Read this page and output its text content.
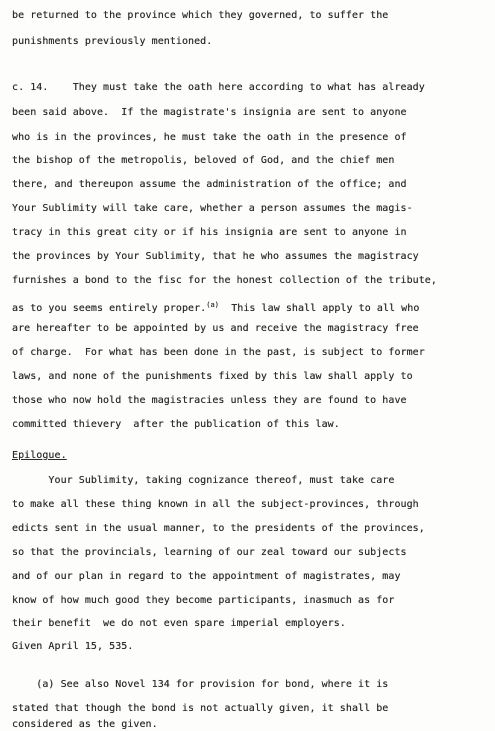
be returned to the province which they governed, to suffer the
punishments previously mentioned.
c. 14.    They must take the oath here according to what has already
been said above.  If the magistrate's insignia are sent to anyone
who is in the provinces, he must take the oath in the presence of
the bishop of the metropolis, beloved of God, and the chief men
there, and thereupon assume the administration of the office; and
Your Sublimity will take care, whether a person assumes the magis-
tracy in this great city or if his insignia are sent to anyone in
the provinces by Your Sublimity, that he who assumes the magistracy
furnishes a bond to the fisc for the honest collection of the tribute,
as to you seems entirely proper.$^{(a)}$  This law shall apply to all who
are hereafter to be appointed by us and receive the magistracy free
of charge.  For what has been done in the past, is subject to former
laws, and none of the punishments fixed by this law shall apply to
those who now hold the magistracies unless they are found to have
committed thievery  after the publication of this law.
Epilogue.
Your Sublimity, taking cognizance thereof, must take care
to make all these thing known in all the subject-provinces, through
edicts sent in the usual manner, to the presidents of the provinces,
so that the provincials, learning of our zeal toward our subjects
and of our plan in regard to the appointment of magistrates, may
know of how much good they become participants, inasmuch as for
their benefit  we do not even spare imperial employers.
Given April 15, 535.
(a) See also Novel 134 for provision for bond, where it is
stated that though the bond is not actually given, it shall be
considered as the given.
